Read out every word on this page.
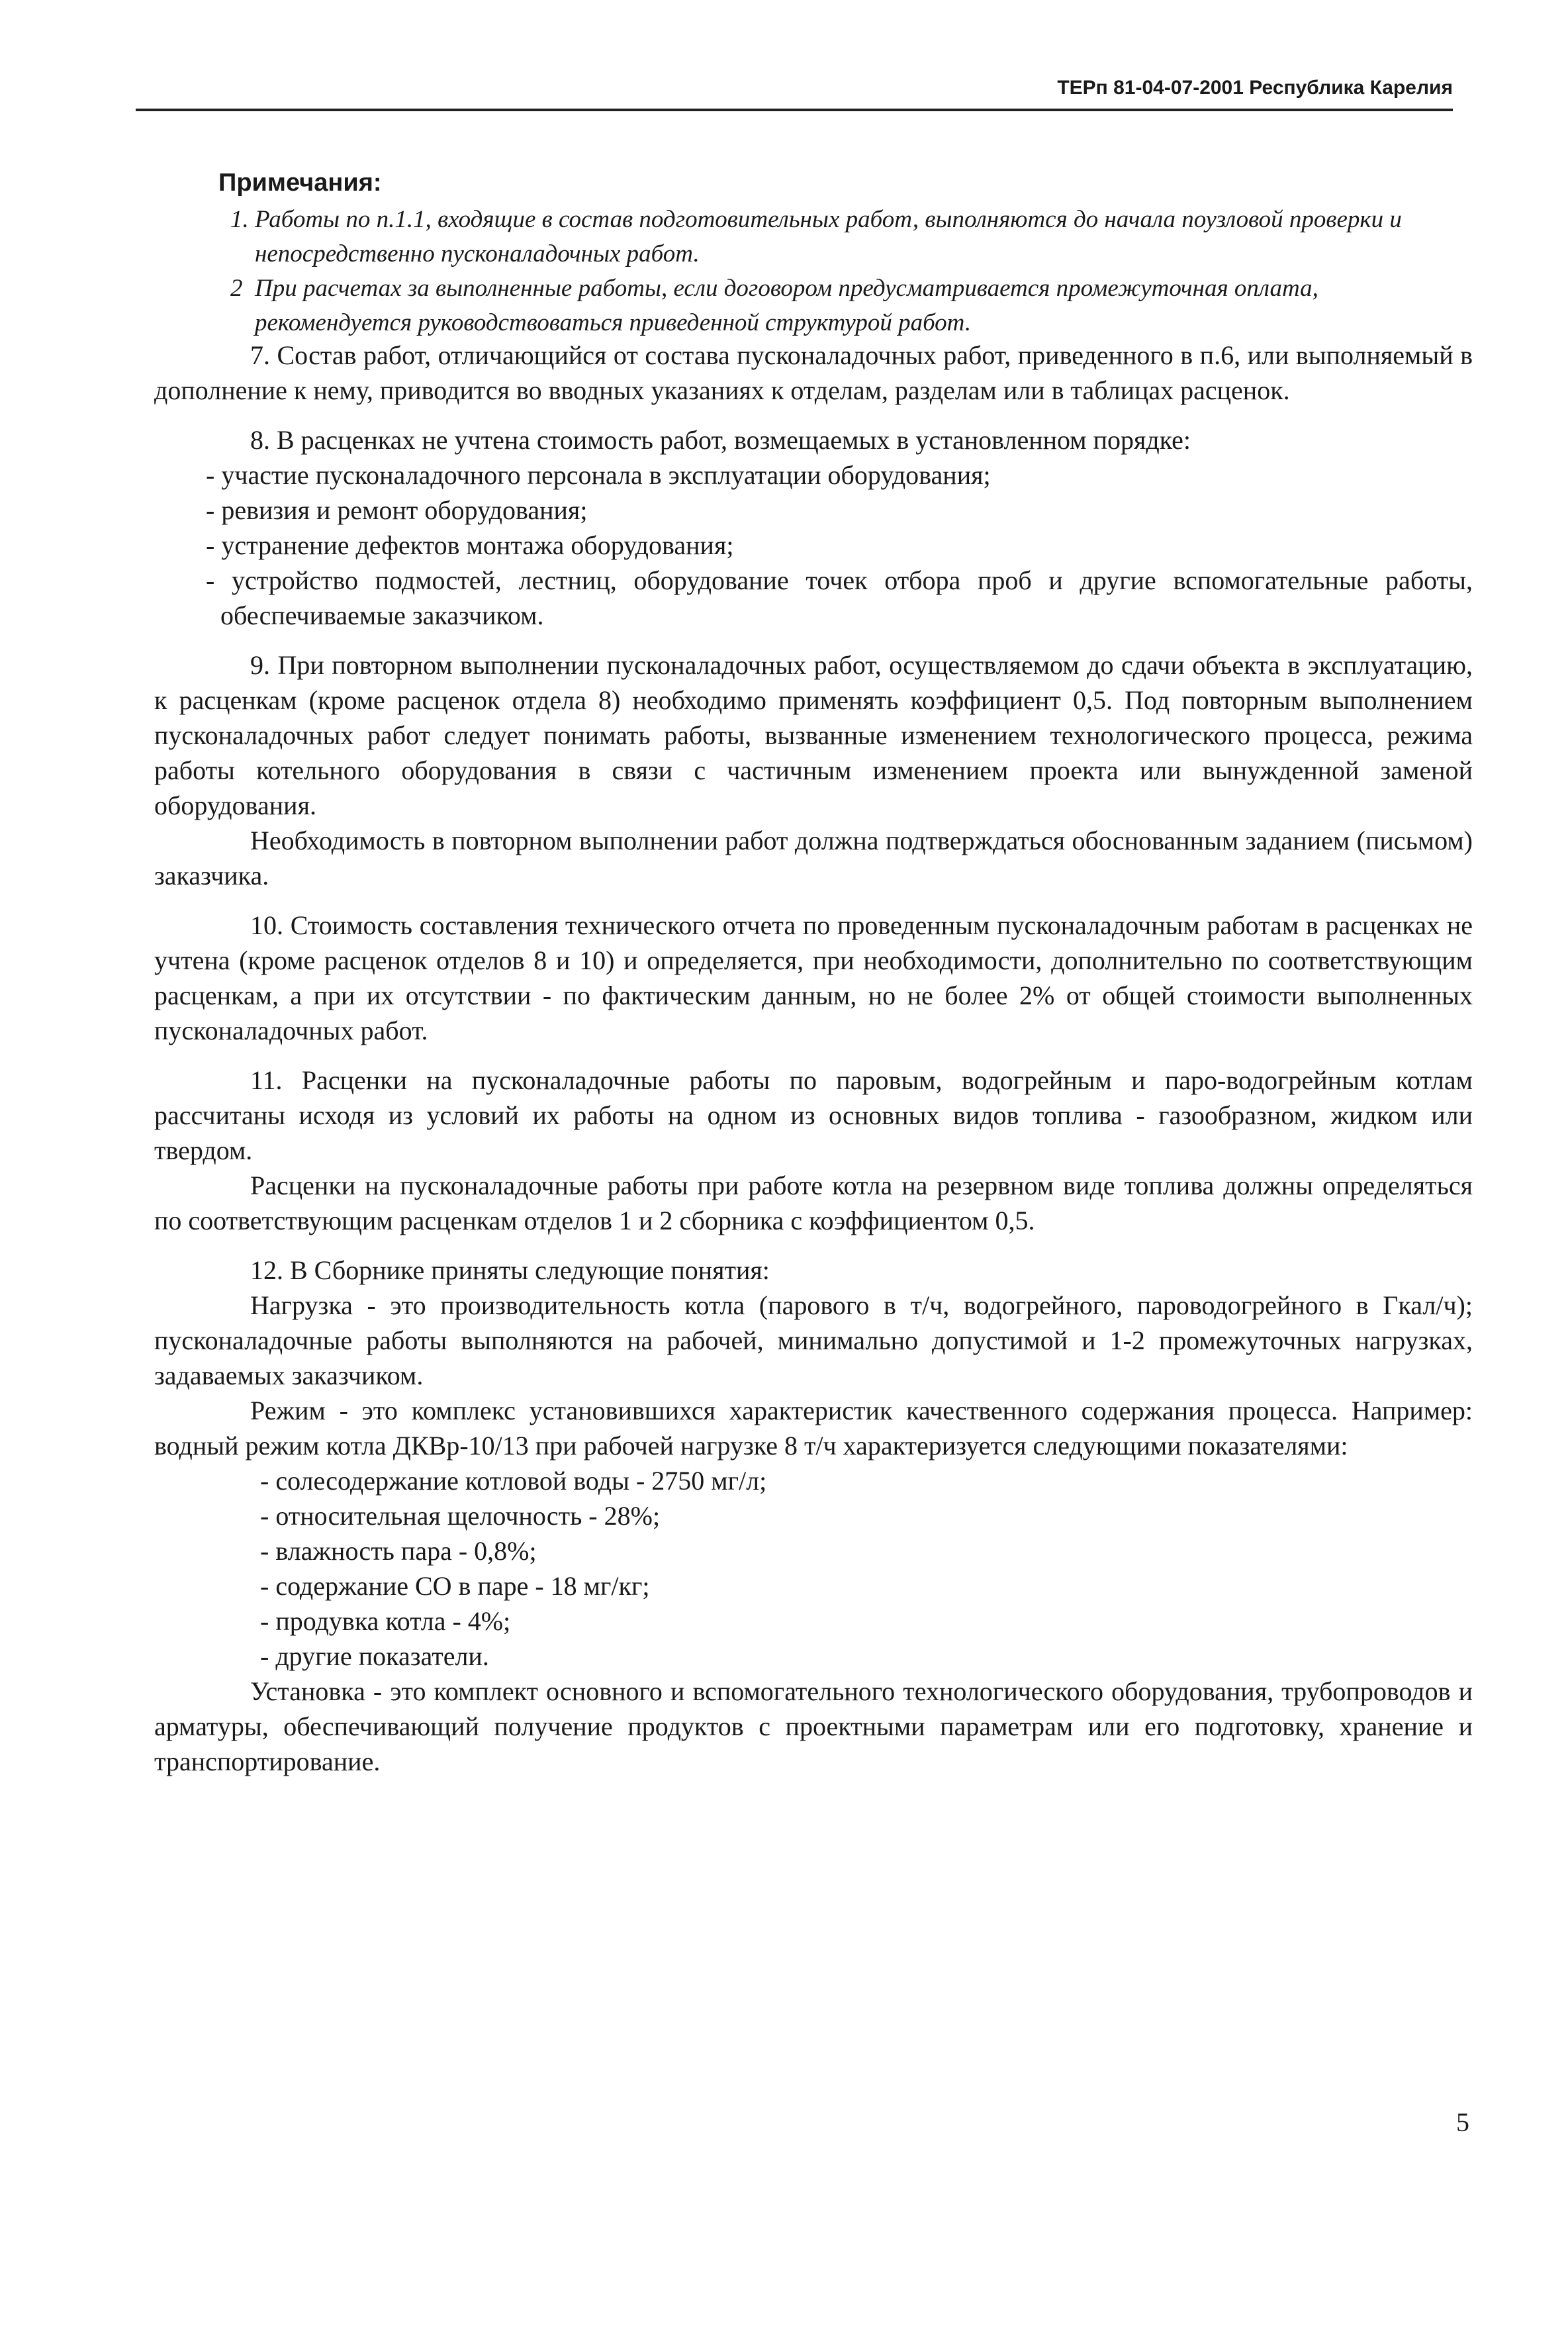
ТЕРп 81-04-07-2001 Республика Карелия

Примечания:

1. Работы по п.1.1, входящие в состав подготовительных работ, выполняются до начала поузловой проверки и непосредственно пусконаладочных работ.

2 При расчетах за выполненные работы, если договором предусматривается промежуточная оплата, рекомендуется руководствоваться приведенной структурой работ.

7. Состав работ, отличающийся от состава пусконаладочных работ, приведенного в п.6, или выполняемый в дополнение к нему, приводится во вводных указаниях к отделам, разделам или в таблицах расценок.

8. В расценках не учтена стоимость работ, возмещаемых в установленном порядке:

- участие пусконаладочного персонала в эксплуатации оборудования;
- ревизия и ремонт оборудования;
- устранение дефектов монтажа оборудования;
- устройство подмостей, лестниц, оборудование точек отбора проб и другие вспомогательные работы, обеспечиваемые заказчиком.

9. При повторном выполнении пусконаладочных работ, осуществляемом до сдачи объекта в эксплуатацию, к расценкам (кроме расценок отдела 8) необходимо применять коэффициент 0,5. Под повторным выполнением пусконаладочных работ следует понимать работы, вызванные изменением технологического процесса, режима работы котельного оборудования в связи с частичным изменением проекта или вынужденной заменой оборудования.

Необходимость в повторном выполнении работ должна подтверждаться обоснованным заданием (письмом) заказчика.

10. Стоимость составления технического отчета по проведенным пусконаладочным работам в расценках не учтена (кроме расценок отделов 8 и 10) и определяется, при необходимости, дополнительно по соответствующим расценкам, а при их отсутствии - по фактическим данным, но не более 2% от общей стоимости выполненных пусконаладочных работ.

11. Расценки на пусконаладочные работы по паровым, водогрейным и паро-водогрейным котлам рассчитаны исходя из условий их работы на одном из основных видов топлива - газообразном, жидком или твердом.

Расценки на пусконаладочные работы при работе котла на резервном виде топлива должны определяться по соответствующим расценкам отделов 1 и 2 сборника с коэффициентом 0,5.

12. В Сборнике приняты следующие понятия:

Нагрузка - это производительность котла (парового в т/ч, водогрейного, пароводогрейного в Гкал/ч); пусконаладочные работы выполняются на рабочей, минимально допустимой и 1-2 промежуточных нагрузках, задаваемых заказчиком.

Режим - это комплекс установившихся характеристик качественного содержания процесса. Например: водный режим котла ДКВр-10/13 при рабочей нагрузке 8 т/ч характеризуется следующими показателями:

- солесодержание котловой воды - 2750 мг/л;
- относительная щелочность - 28%;
- влажность пара - 0,8%;
- содержание СО в паре - 18 мг/кг;
- продувка котла - 4%;
- другие показатели.

Установка - это комплект основного и вспомогательного технологического оборудования, трубопроводов и арматуры, обеспечивающий получение продуктов с проектными параметрам или его подготовку, хранение и транспортирование.

5
